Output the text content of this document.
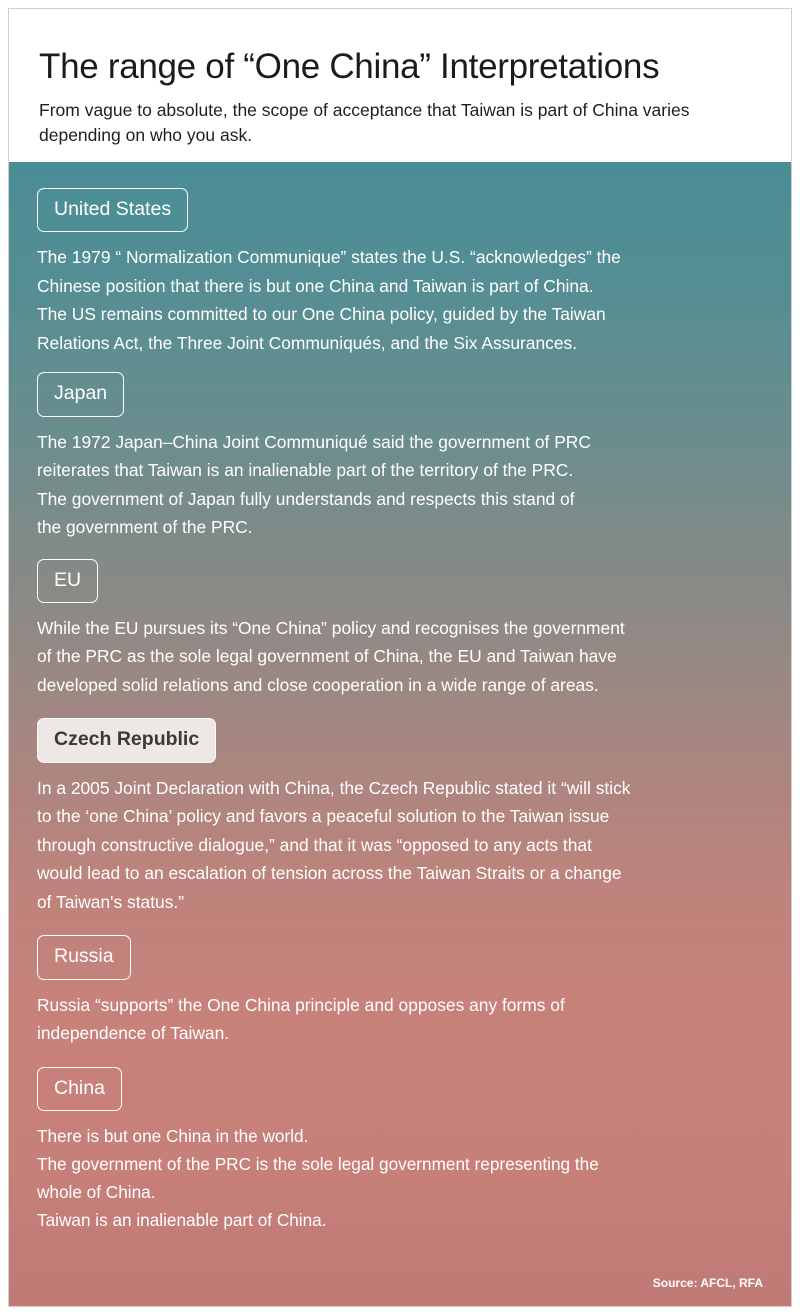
The range of “One China” Interpretations

From vague to absolute, the scope of acceptance that Taiwan is part of China varies depending on who you ask.

United States

The 1979 “ Normalization Communique” states the U.S. “acknowledges” the

Chinese position that there is but one China and Taiwan is part of China.

The US remains committed to our One China policy, guided by the Taiwan

Relations Act, the Three Joint Communiqués, and the Six Assurances.

Japan

The 1972 Japan–China Joint Communiqué said the government of PRC

reiterates that Taiwan is an inalienable part of the territory of the PRC.

The government of Japan fully understands and respects this stand of

the government of the PRC.

EU

While the EU pursues its “One China” policy and recognises the government

of the PRC as the sole legal government of China, the EU and Taiwan have

developed solid relations and close cooperation in a wide range of areas.

Czech Republic

In a 2005 Joint Declaration with China, the Czech Republic stated it “will stick

to the ‘one China’ policy and favors a peaceful solution to the Taiwan issue

through constructive dialogue,” and that it was “opposed to any acts that

would lead to an escalation of tension across the Taiwan Straits or a change

of Taiwan's status.”

Russia

Russia “supports” the One China principle and opposes any forms of

independence of Taiwan.

China

There is but one China in the world.

The government of the PRC is the sole legal government representing the

whole of China.

Taiwan is an inalienable part of China.

Source: AFCL, RFA
